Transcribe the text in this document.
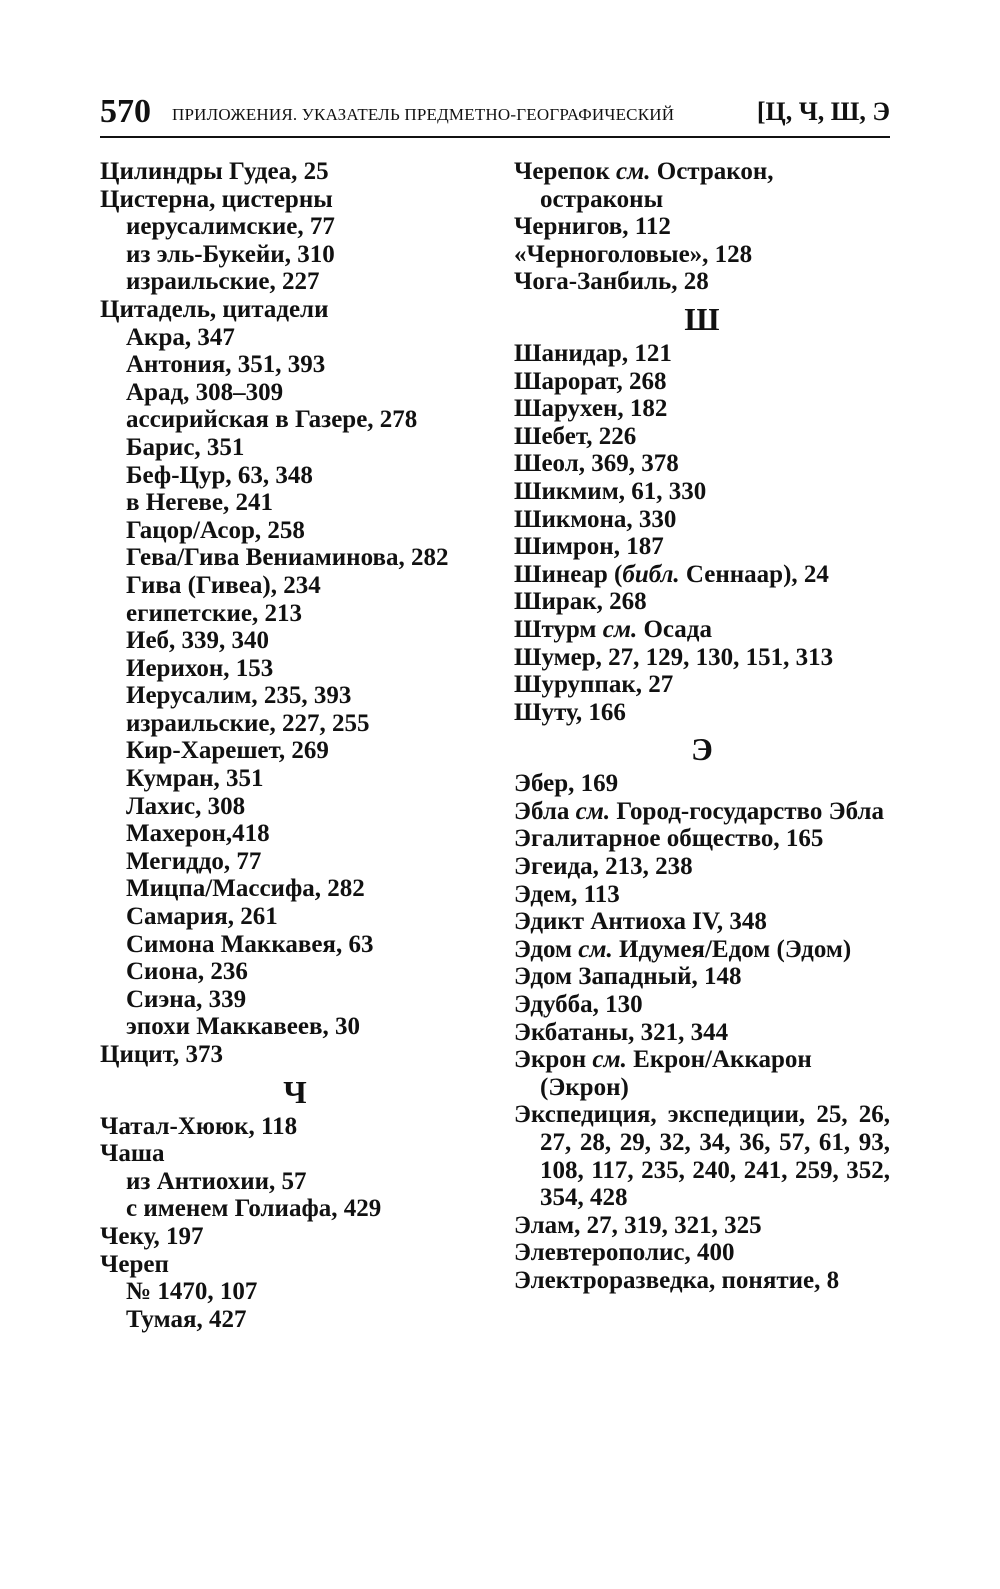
570 ПРИЛОЖЕНИЯ. УКАЗАТЕЛЬ ПРЕДМЕТНО-ГЕОГРАФИЧЕСКИЙ	[Ц, Ч, Ш, Э
Цилиндры Гудеа, 25
Цистерна, цистерны
иерусалимские, 77
из эль-Букейи, 310
израильские, 227
Цитадель, цитадели
Акра, 347
Антония, 351, 393
Арад, 308–309
ассирийская в Газере, 278
Барис, 351
Беф-Цур, 63, 348
в Негеве, 241
Гацор/Асор, 258
Гева/Гива Вениаминова, 282
Гива (Гивеа), 234
египетские, 213
Иеб, 339, 340
Иерихон, 153
Иерусалим, 235, 393
израильские, 227, 255
Кир-Харешет, 269
Кумран, 351
Лахис, 308
Махерон,418
Мегиддо, 77
Мицпа/Массифа, 282
Самария, 261
Симона Маккавея, 63
Сиона, 236
Сиэна, 339
эпохи Маккавеев, 30
Цицит, 373
Ч
Чатал-Хююк, 118
Чаша
из Антиохии, 57
с именем Голиафа, 429
Чеку, 197
Череп
№ 1470, 107
Тумая, 427
Черепок см. Остракон, остраконы
Чернигов, 112
«Черноголовые», 128
Чога-Занбиль, 28
Ш
Шанидар, 121
Шарорат, 268
Шарухен, 182
Шебет, 226
Шеол, 369, 378
Шикмим, 61, 330
Шикмона, 330
Шимрон, 187
Шинеар (библ. Сеннаар), 24
Ширак, 268
Штурм см. Осада
Шумер, 27, 129, 130, 151, 313
Шуруппак, 27
Шуту, 166
Э
Эбер, 169
Эбла см. Город-государство Эбла
Эгалитарное общество, 165
Эгеида, 213, 238
Эдем, 113
Эдикт Антиоха IV, 348
Эдом см. Идумея/Едом (Эдом)
Эдом Западный, 148
Эдубба, 130
Экбатаны, 321, 344
Экрон см. Екрон/Аккарон (Экрон)
Экспедиция, экспедиции, 25, 26, 27, 28, 29, 32, 34, 36, 57, 61, 93, 108, 117, 235, 240, 241, 259, 352, 354, 428
Элам, 27, 319, 321, 325
Элевтерополис, 400
Электроразведка, понятие, 8
